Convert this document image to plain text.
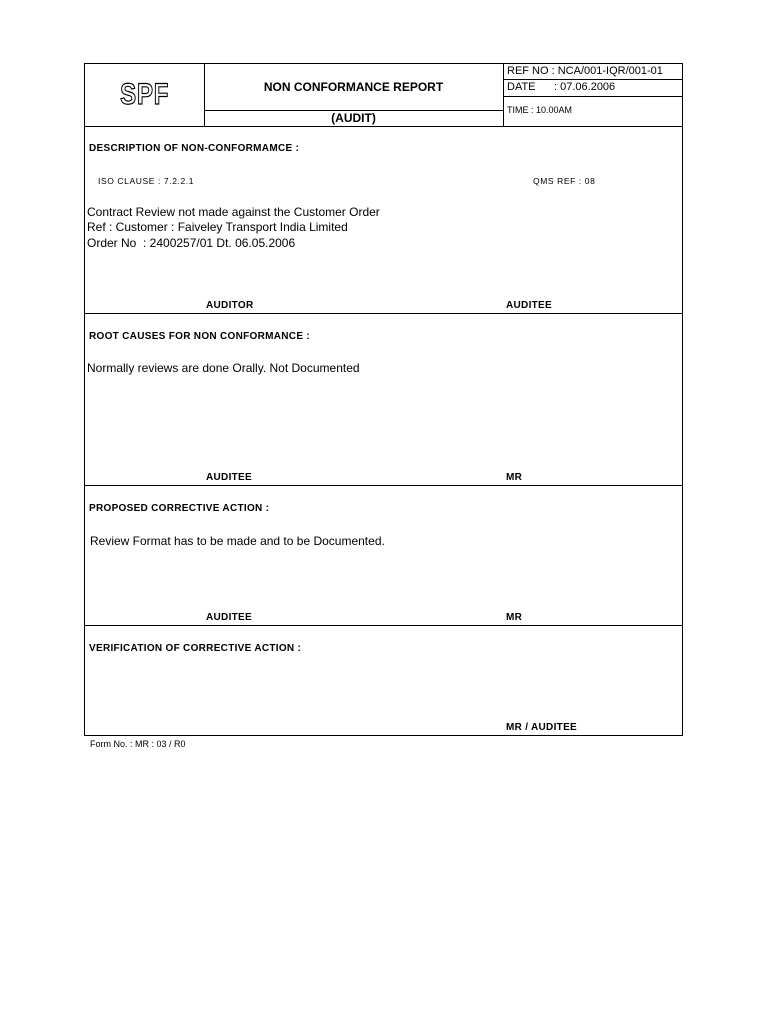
SPF	NON CONFORMANCE REPORT
(AUDIT)
REF NO : NCA/001-IQR/001-01
DATE : 07.06.2006
TIME : 10.00AM
DESCRIPTION OF NON-CONFORMAMCE :
ISO CLAUSE : 7.2.2.1	QMS REF : 08
Contract Review not made against the Customer Order
Ref : Customer : Faiveley Transport India Limited
Order No  : 2400257/01 Dt. 06.05.2006
AUDITOR	AUDITEE
ROOT CAUSES FOR NON CONFORMANCE :
Normally reviews are done Orally. Not Documented
AUDITEE	MR
PROPOSED CORRECTIVE ACTION :
Review Format has to be made and to be Documented.
AUDITEE	MR
VERIFICATION OF CORRECTIVE ACTION :
MR / AUDITEE
Form No. : MR : 03 / R0
